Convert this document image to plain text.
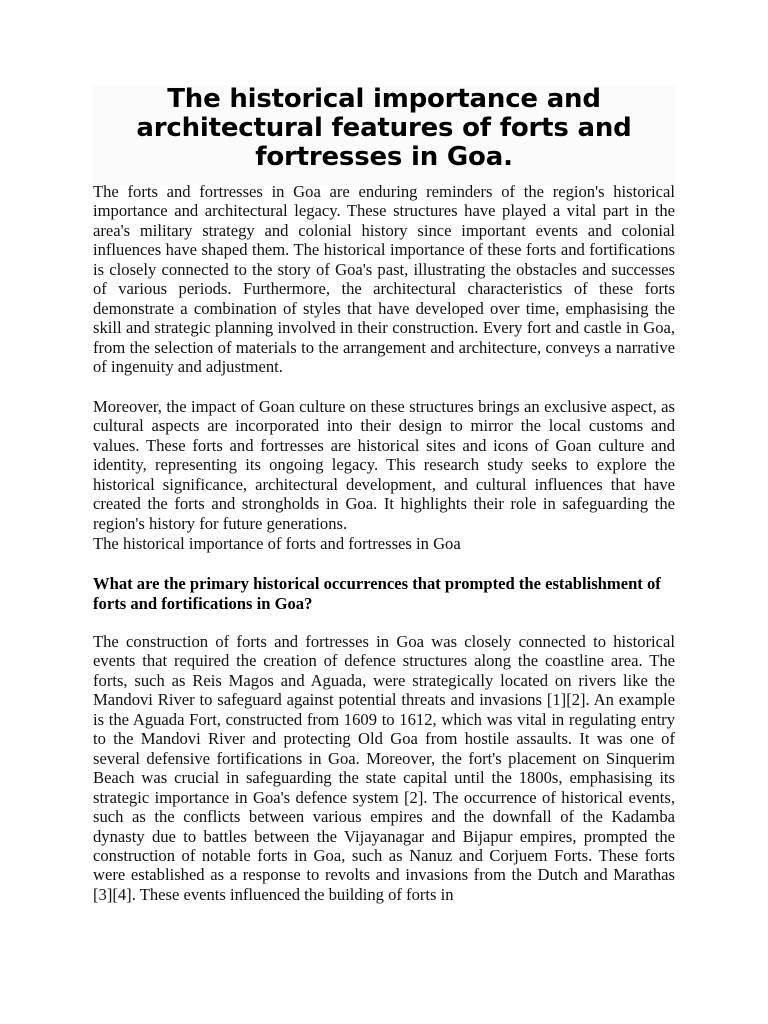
The historical importance and architectural features of forts and fortresses in Goa.

The forts and fortresses in Goa are enduring reminders of the region's historical importance and architectural legacy. These structures have played a vital part in the area's military strategy and colonial history since important events and colonial influences have shaped them. The historical importance of these forts and fortifications is closely connected to the story of Goa's past, illustrating the obstacles and successes of various periods. Furthermore, the architectural characteristics of these forts demonstrate a combination of styles that have developed over time, emphasising the skill and strategic planning involved in their construction. Every fort and castle in Goa, from the selection of materials to the arrangement and architecture, conveys a narrative of ingenuity and adjustment.

Moreover, the impact of Goan culture on these structures brings an exclusive aspect, as cultural aspects are incorporated into their design to mirror the local customs and values. These forts and fortresses are historical sites and icons of Goan culture and identity, representing its ongoing legacy. This research study seeks to explore the historical significance, architectural development, and cultural influences that have created the forts and strongholds in Goa. It highlights their role in safeguarding the region's history for future generations.

The historical importance of forts and fortresses in Goa

What are the primary historical occurrences that prompted the establishment of forts and fortifications in Goa?

The construction of forts and fortresses in Goa was closely connected to historical events that required the creation of defence structures along the coastline area. The forts, such as Reis Magos and Aguada, were strategically located on rivers like the Mandovi River to safeguard against potential threats and invasions [1][2]. An example is the Aguada Fort, constructed from 1609 to 1612, which was vital in regulating entry to the Mandovi River and protecting Old Goa from hostile assaults. It was one of several defensive fortifications in Goa. Moreover, the fort's placement on Sinquerim Beach was crucial in safeguarding the state capital until the 1800s, emphasising its strategic importance in Goa's defence system [2]. The occurrence of historical events, such as the conflicts between various empires and the downfall of the Kadamba dynasty due to battles between the Vijayanagar and Bijapur empires, prompted the construction of notable forts in Goa, such as Nanuz and Corjuem Forts. These forts were established as a response to revolts and invasions from the Dutch and Marathas [3][4]. These events influenced the building of forts in
